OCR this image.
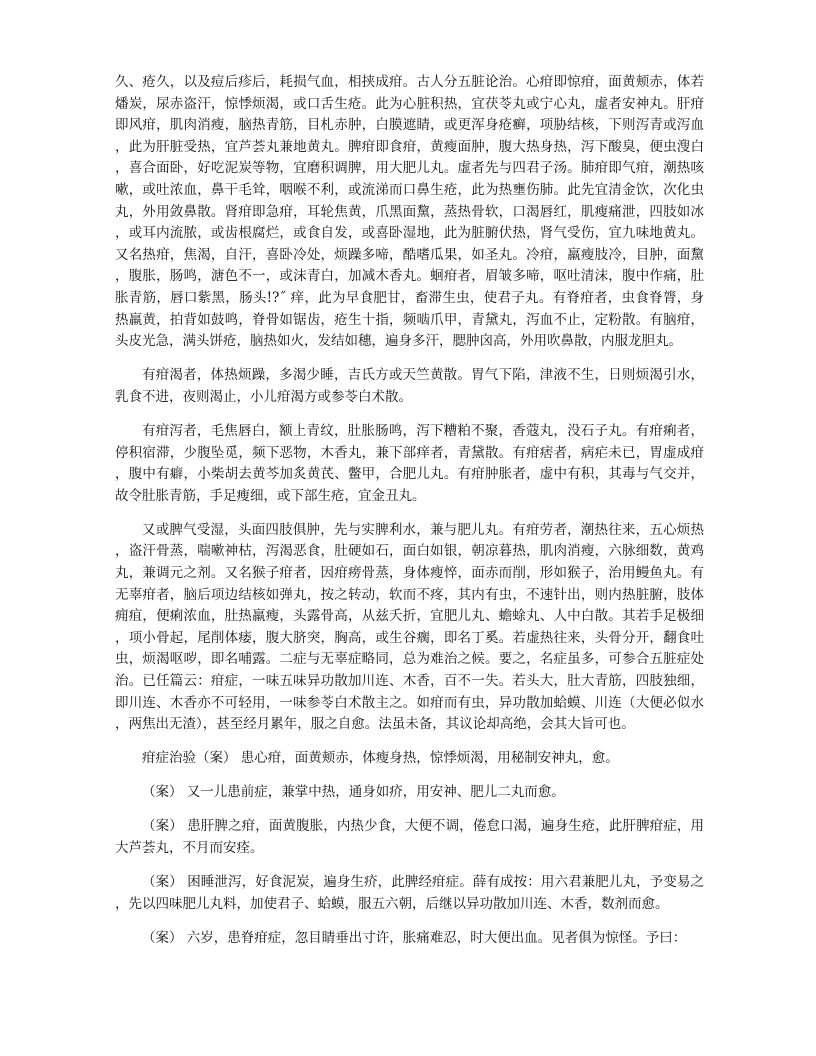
久、疮久，以及痘后疹后，耗损气血，相挟成疳。古人分五脏论治。心疳即惊疳，面黄颊赤，体若燔炭，尿赤盗汗，惊悸烦渴，或口舌生疮。此为心脏积热，宜茯苓丸或宁心丸，虚者安神丸。肝疳即风疳，肌肉消瘦，脑热青筋，目札赤肿，白膜遮睛，或更浑身疮癣，项胁结核，下则泻青或泻血，此为肝脏受热，宜芦荟丸兼地黄丸。脾疳即食疳，黄瘦面肿，腹大热身热，泻下酸臭，便虫溲白，喜合面卧，好吃泥炭等物，宜磨积调脾，用大肥儿丸。虚者先与四君子汤。肺疳即气疳，潮热咳嗽，或吐浓血，鼻干毛耸，咽喉不利，或流涕而口鼻生疮，此为热壅伤肺。此先宜清金饮，次化虫丸，外用敛鼻散。肾疳即急疳，耳轮焦黄，爪黑面黧，蒸热骨软，口渴唇红，肌瘦痛泄，四肢如冰，或耳内流脓，或齿根腐烂，或食自发，或喜卧湿地，此为脏腑伏热，肾气受伤，宜九味地黄丸。又名热疳，焦渴，自汗，喜卧冷处，烦躁多啼，酷嗜瓜果，如圣丸。冷疳，羸瘦肢冷，目肿，面黧，腹胀，肠鸣，溏色不一，或沫青白，加减木香丸。蛔疳者，眉皱多啼，呕吐清沫，腹中作痛，肚胀青筋，唇口紫黑，肠头!?˝ 痒，此为早食肥甘，畜滞生虫，使君子丸。有脊疳者，虫食脊膂，身热羸黄，拍背如鼓鸣，脊骨如锯齿，疮生十指，频啮爪甲，青黛丸，泻血不止，定粉散。有脑疳，头皮光急，满头饼疮，脑热如火，发结如穗，遍身多汗，腮肿囟高，外用吹鼻散，内服龙胆丸。

有疳渴者，体热烦躁，多渴少睡，吉氏方或天竺黄散。胃气下陷，津液不生，日则烦渴引水，乳食不进，夜则渴止，小儿疳渴方或参苓白术散。

有疳泻者，毛焦唇白，额上青纹，肚胀肠鸣，泻下糟粕不聚，香蔻丸，没石子丸。有疳痢者，停积宿滞，少腹坠觅，频下恶物，木香丸，兼下部痒者，青黛散。有疳痞者，病疟未已，胃虚成疳，腹中有癖，小柴胡去黄芩加炙黄芪、鳖甲，合肥儿丸。有疳肿胀者，虚中有积，其毒与气交并，故令肚胀青筋，手足瘦细，或下部生疮，宜金丑丸。

又或脾气受湿，头面四肢俱肿，先与实脾利水，兼与肥儿丸。有疳劳者，潮热往来，五心烦热，盗汗骨蒸，喘嗽神枯，泻渴恶食，肚硬如石，面白如银，朝凉暮热，肌肉消瘦，六脉细数，黄鸡丸，兼调元之剂。又名猴子疳者，因疳痨骨蒸，身体瘦悴，面赤而削，形如猴子，治用鳗鱼丸。有无辜疳者，脑后项边结核如弹丸，按之转动，软而不疼，其内有虫，不速针出，则内热脏腑，肢体痈疽，便痢浓血，肚热羸瘦，头露骨高，从兹夭折，宜肥儿丸、蟾蜍丸、人中白散。其若手足极细，项小骨起，尾削体痿，腹大脐突，胸高，或生谷瘸，即名丁奚。若虚热往来，头骨分开，翻食吐虫，烦渴呕哕，即名哺露。二症与无辜症略同，总为难治之候。要之，名症虽多，可参合五脏症处治。已任篇云：疳症，一味五味异功散加川连、木香，百不一失。若头大，肚大青筋，四肢独细，即川连、木香亦不可轻用，一味参苓白术散主之。如疳而有虫，异功散加蛤蟆、川连（大便必似水，两焦出无渣），甚至经月累年，服之自愈。法虽未备，其议论却高绝，会其大旨可也。

疳症治验（案） 患心疳，面黄颊赤，体瘦身热，惊悸烦渴，用秘制安神丸，愈。

（案） 又一儿患前症，兼掌中热，通身如疥，用安神、肥儿二丸而愈。

（案） 患肝脾之疳，面黄腹胀，内热少食，大便不调，倦怠口渴，遍身生疮，此肝脾疳症，用大芦荟丸，不月而安痊。

（案） 困睡泄泻，好食泥炭，遍身生疥，此脾经疳症。薛有成按：用六君兼肥儿丸，予变易之，先以四味肥儿丸料，加使君子、蛤蟆，服五六朝，后继以异功散加川连、木香，数剂而愈。

（案） 六岁，患脊疳症，忽目睛垂出寸许，胀痛难忍，时大便出血。见者俱为惊怪。予曰：
